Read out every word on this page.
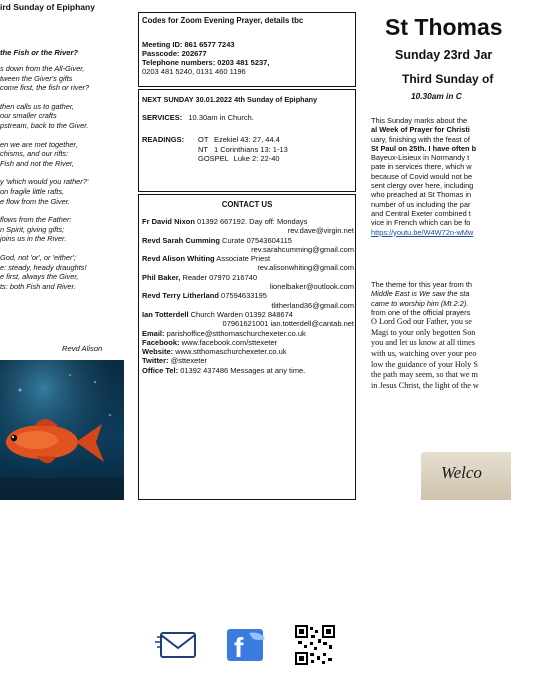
ird Sunday of Epiphany
the Fish or the River?
s down from the All-Giver,
tween the Giver's gifts
come first, the fish or river?
then calls us to gather,
our smaller crafts
pstream, back to the Giver.
en we are met together,
chisms, and our rifts:
Fish and not the River,
y 'which would you rather?'
on fragile little rafts,
e flow from the Giver.
flows from the Father:
n Spirit, giving gifts;
joins us in the River.
God, not 'or', or 'either';
e: steady, heady draughts!
e first, always the Giver,
ts: both Fish and River.
Revd Alison
Codes for Zoom Evening Prayer, details tbc
Meeting ID: 861 6577 7243
Passcode: 202677
Telephone numbers: 0203 481 5237,
0203 481 5240, 0131 460 1196
NEXT SUNDAY 30.01.2022 4th Sunday of Epiphany
SERVICES: 10.30am in Church.
READINGS:	OT Ezekiel 43: 27, 44.4
NT 1 Corinthians 13: 1-13
GOSPEL Luke 2: 22-40
CONTACT US
Fr David Nixon 01392 667192. Day off: Mondays
rev.dave@virgin.net
Revd Sarah Cumming Curate 07543604115
rev.sarahcumming@gmail.com
Revd Alison Whiting Associate Priest
rev.alisonwhiting@gmail.com
Phil Baker, Reader 07970 216740
lionelbaker@outlook.com
Revd Terry Litherland 07594633195
tlitherland36@gmail.com
Ian Totterdell Church Warden 01392 848674
07961621001 ian.totterdell@cantab.net
Email: parishoffice@stthomaschurchexeter.co.uk
Facebook: www.facebook.com/sttexeter
Website: www.stthomaschurchexeter.co.uk
Twitter: @sttexeter
Office Tel: 01392 437486 Messages at any time.
f
St Thomas
Sunday 23rd Jar
Third Sunday of
10.30am in C
This Sunday marks about the
al Week of Prayer for Christi
uary, finishing with the feast of
St Paul on 25th. I have often b
Bayeux-Lisieux in Normandy t
pate in services there, which w
because of Covid would not be
sent clergy over here, including
who preached at St Thomas in
number of us including the par
and Central Exeter combined t
vice in French which can be fo
https://youtu.be/W4W72n-wMw
The theme for this year from th
Middle East is We saw the sta
came to worship him (Mt 2:2).
from one of the official prayers
O Lord God our Father, you se
Magi to your only begotten Son
you and let us know at all times
with us, watching over your peo
low the guidance of your Holy S
the path may seem, so that we m
in Jesus Christ, the light of the w
Welco
